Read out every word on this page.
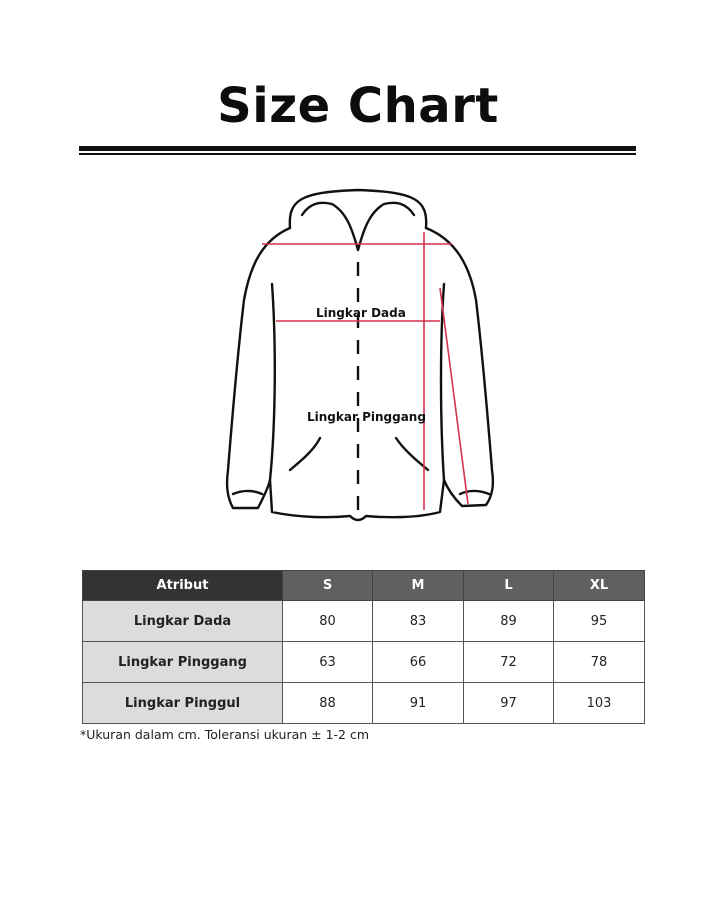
Size Chart
Lingkar Dada
Lingkar Pinggang
Atribut	S	M	L	XL
Lingkar Dada	80	83	89	95
Lingkar Pinggang	63	66	72	78
Lingkar Pinggul	88	91	97	103
*Ukuran dalam cm. Toleransi ukuran ± 1-2 cm
